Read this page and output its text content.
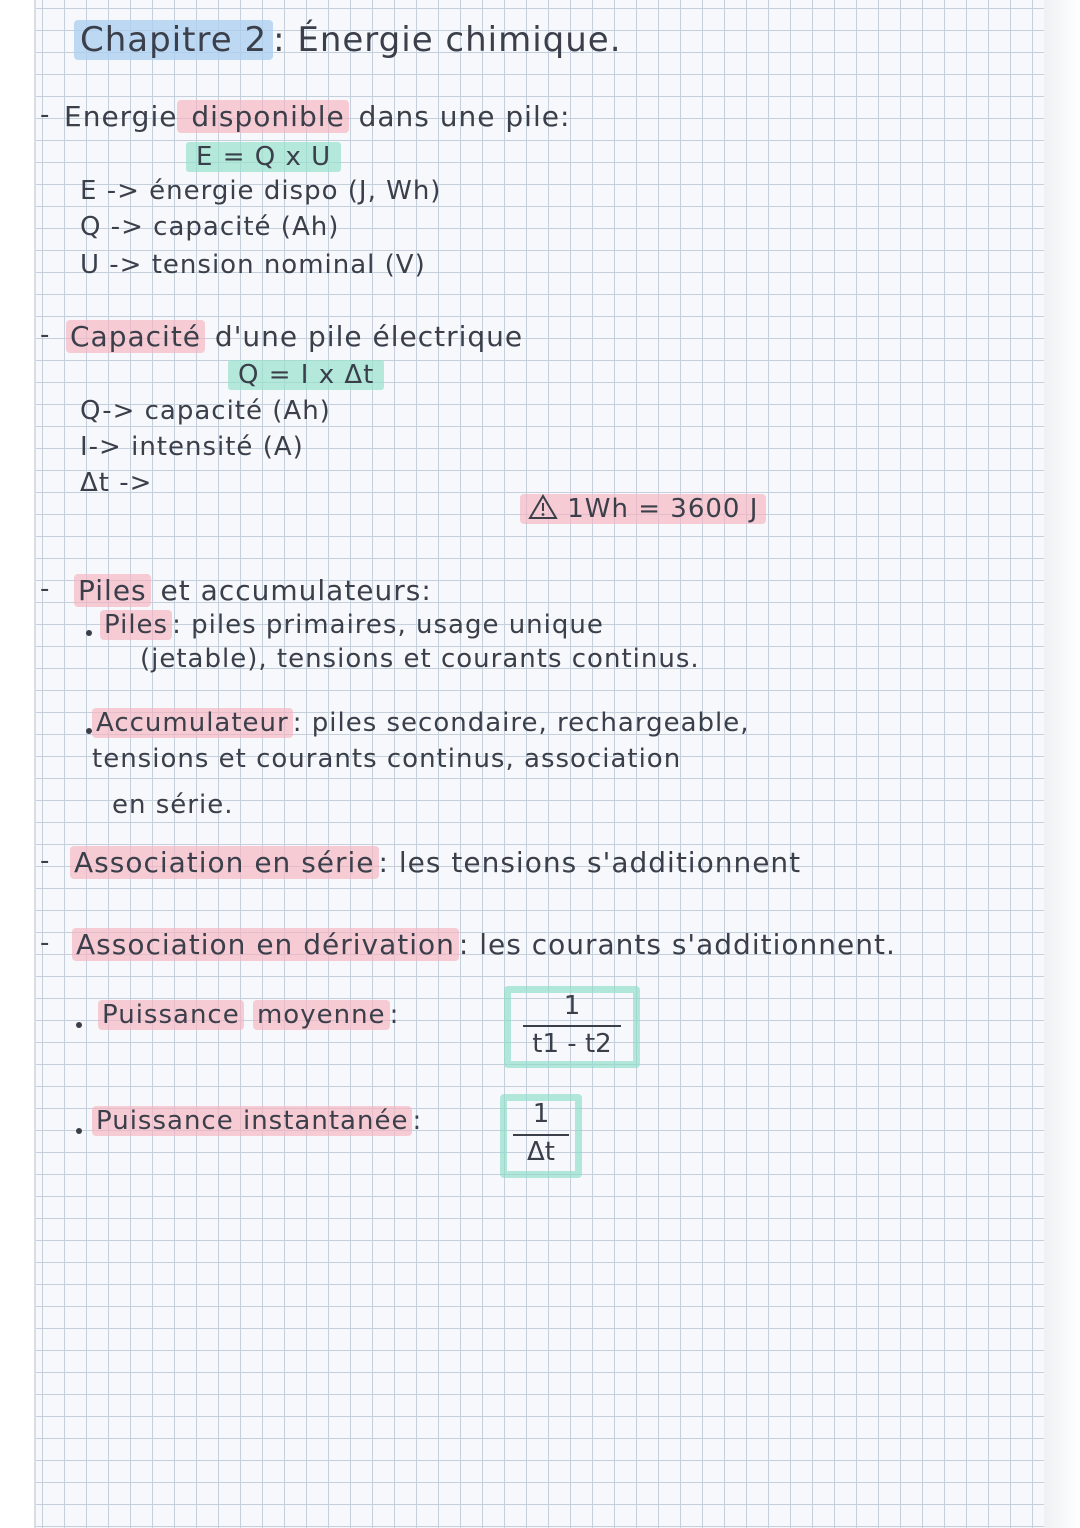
Chapitre 2 : Énergie chimique.
- Energie disponible dans une pile:
E = Q x U
E -> énergie dispo (J, Wh)
Q -> capacité (Ah)
U -> tension nominal (V)
- Capacité d'une pile électrique
Q = I x Δt
Q-> capacité (Ah)
I-> intensité (A)
Δt ->
1Wh = 3600 J
- Piles et accumulateurs:
Piles : piles primaires, usage unique
(jetable), tensions et courants continus.
Accumulateur : piles secondaire, rechargeable,
tensions et courants continus, association
en série.
- Association en série : les tensions s'additionnent
- Association en dérivation : les courants s'additionnent.
Puissance moyenne :	1
t1 - t2
Puissance instantanée :	1
Δt
